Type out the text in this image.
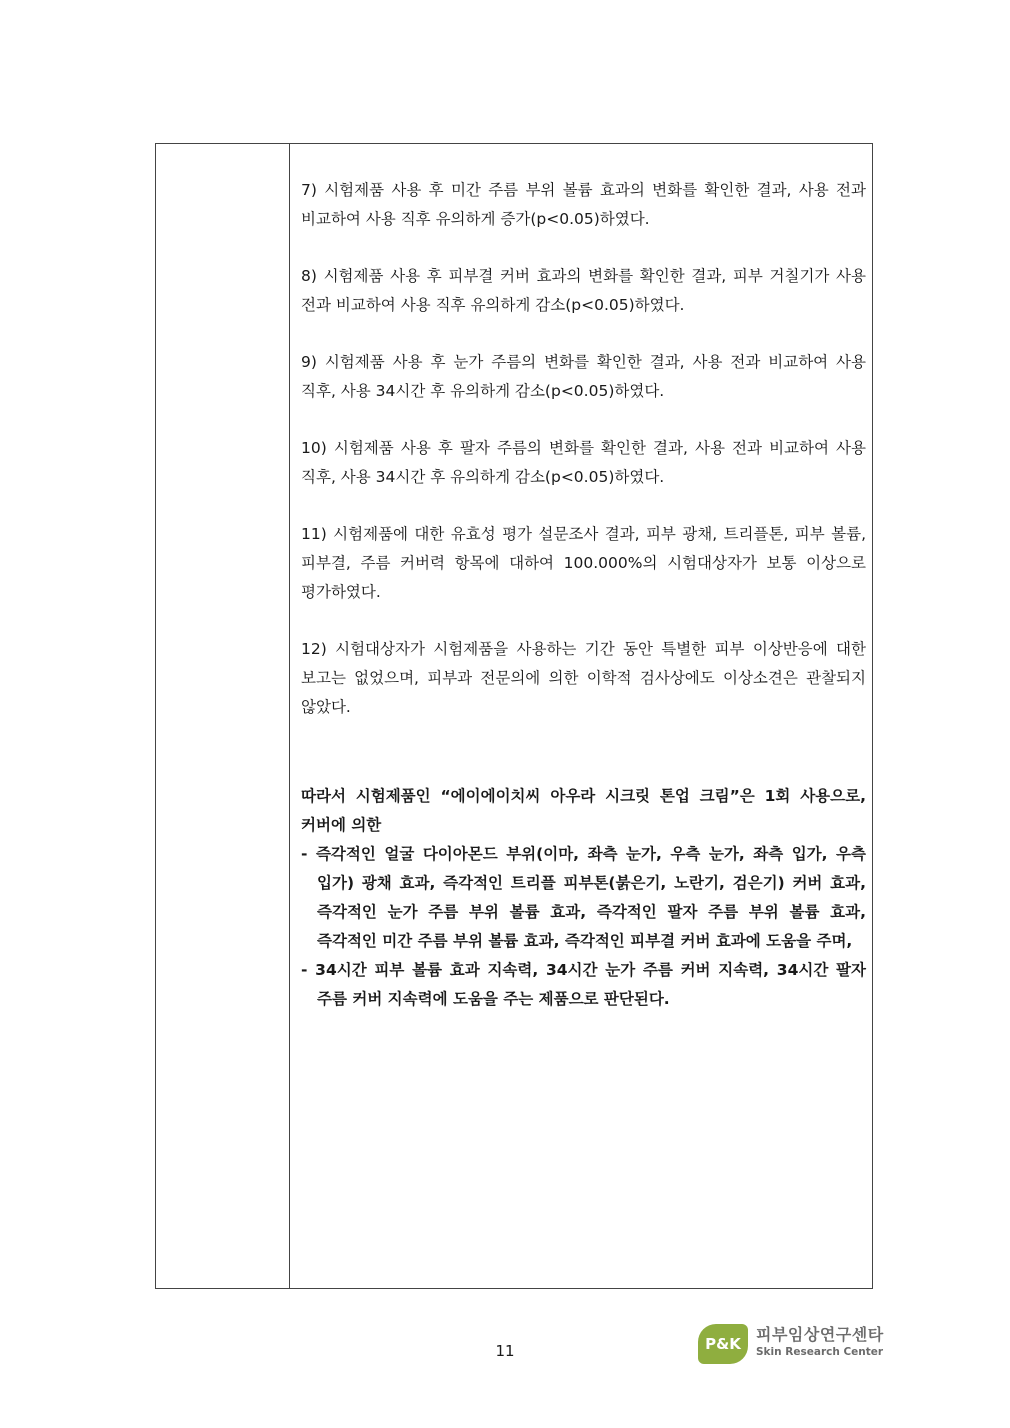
7) 시험제품 사용 후 미간 주름 부위 볼륨 효과의 변화를 확인한 결과, 사용 전과 비교하여 사용 직후 유의하게 증가(p<0.05)하였다.

8) 시험제품 사용 후 피부결 커버 효과의 변화를 확인한 결과, 피부 거칠기가 사용 전과 비교하여 사용 직후 유의하게 감소(p<0.05)하였다.

9) 시험제품 사용 후 눈가 주름의 변화를 확인한 결과, 사용 전과 비교하여 사용 직후, 사용 34시간 후 유의하게 감소(p<0.05)하였다.

10) 시험제품 사용 후 팔자 주름의 변화를 확인한 결과, 사용 전과 비교하여 사용 직후, 사용 34시간 후 유의하게 감소(p<0.05)하였다.

11) 시험제품에 대한 유효성 평가 설문조사 결과, 피부 광채, 트리플톤, 피부 볼륨, 피부결, 주름 커버력 항목에 대하여 100.000%의 시험대상자가 보통 이상으로 평가하였다.

12) 시험대상자가 시험제품을 사용하는 기간 동안 특별한 피부 이상반응에 대한 보고는 없었으며, 피부과 전문의에 의한 이학적 검사상에도 이상소견은 관찰되지 않았다.

따라서 시험제품인 “에이에이치씨 아우라 시크릿 톤업 크림”은 1회 사용으로, 커버에 의한
- 즉각적인 얼굴 다이아몬드 부위(이마, 좌측 눈가, 우측 눈가, 좌측 입가, 우측 입가) 광채 효과, 즉각적인 트리플 피부톤(붉은기, 노란기, 검은기) 커버 효과, 즉각적인 눈가 주름 부위 볼륨 효과, 즉각적인 팔자 주름 부위 볼륨 효과, 즉각적인 미간 주름 부위 볼륨 효과, 즉각적인 피부결 커버 효과에 도움을 주며,
- 34시간 피부 볼륨 효과 지속력, 34시간 눈가 주름 커버 지속력, 34시간 팔자 주름 커버 지속력에 도움을 주는 제품으로 판단된다.
11	P&K 피부임상연구센타
Skin Research Center
